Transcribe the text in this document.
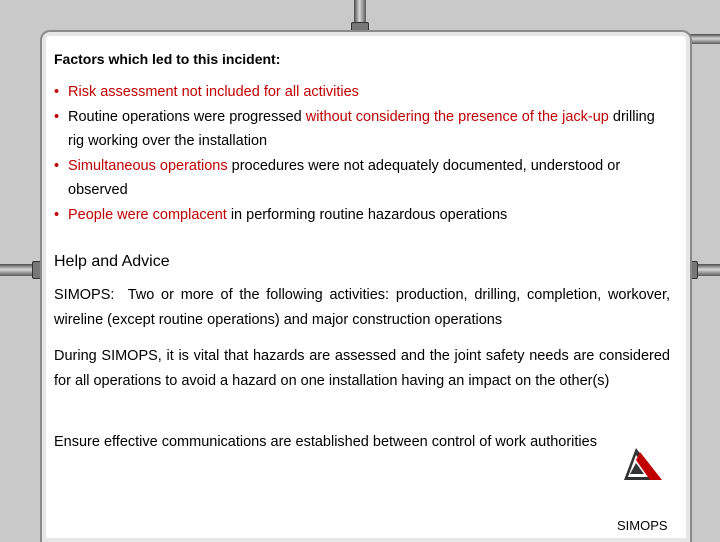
Factors which led to this incident:
• Risk assessment not included for all activities
• Routine operations were progressed without considering the presence of the jack-up drilling rig working over the installation
• Simultaneous operations procedures were not adequately documented, understood or observed
• People were complacent in performing routine hazardous operations
Help and Advice
SIMOPS: Two or more of the following activities: production, drilling, completion, workover, wireline (except routine operations) and major construction operations
During SIMOPS, it is vital that hazards are assessed and the joint safety needs are considered for all operations to avoid a hazard on one installation having an impact on the other(s)
Ensure effective communications are established between control of work authorities
SIMOPS
